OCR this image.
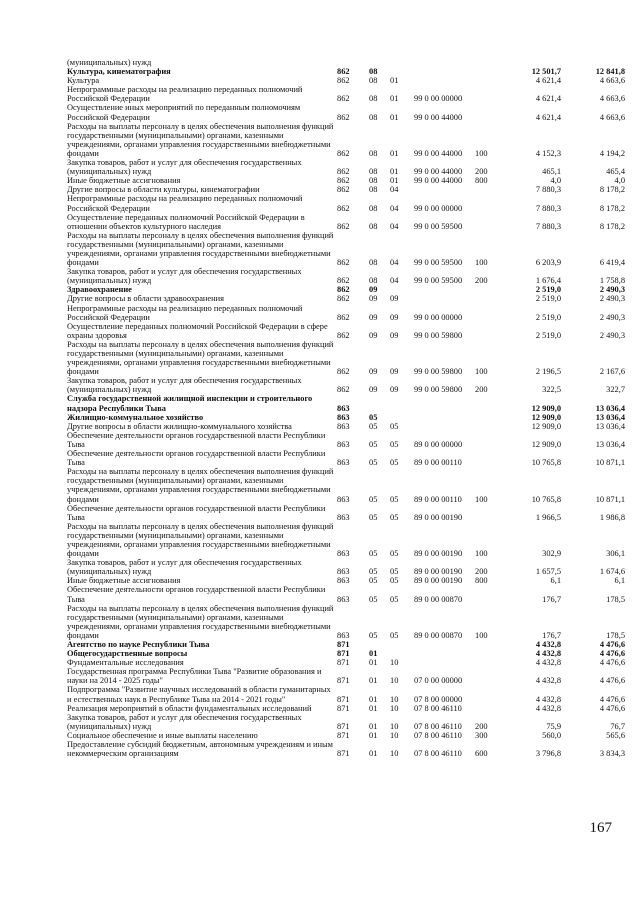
(муниципальных) нужд
Культура, кинематография	862	08	12 501,7	12 841,8
Культура	862	08	01	4 621,4	4 663,6
Непрограммные расходы на реализацию переданных полномочий Российской Федерации	862	08	01	99 0 00 00000	4 621,4	4 663,6
Осуществление иных мероприятий по переданным полномочиям Российской Федерации	862	08	01	99 0 00 44000	4 621,4	4 663,6
Расходы на выплаты персоналу в целях обеспечения выполнения функций государственными (муниципальными) органами, казенными учреждениями, органами управления государственными внебюджетными фондами	862	08	01	99 0 00 44000	100	4 152,3	4 194,2
Закупка товаров, работ и услуг для обеспечения государственных (муниципальных) нужд	862	08	01	99 0 00 44000	200	465,1	465,4
Иные бюджетные ассигнования	862	08	01	99 0 00 44000	800	4,0	4,0
Другие вопросы в области культуры, кинематографии	862	08	04	7 880,3	8 178,2
Непрограммные расходы на реализацию переданных полномочий Российской Федерации	862	08	04	99 0 00 00000	7 880,3	8 178,2
Осуществление переданных полномочий Российской Федерации в отношении объектов культурного наследия	862	08	04	99 0 00 59500	7 880,3	8 178,2
Расходы на выплаты персоналу в целях обеспечения выполнения функций государственными (муниципальными) органами, казенными учреждениями, органами управления государственными внебюджетными фондами	862	08	04	99 0 00 59500	100	6 203,9	6 419,4
Закупка товаров, работ и услуг для обеспечения государственных (муниципальных) нужд	862	08	04	99 0 00 59500	200	1 676,4	1 758,8
Здравоохранение	862	09	2 519,0	2 490,3
Другие вопросы в области здравоохранения	862	09	09	2 519,0	2 490,3
Непрограммные расходы на реализацию переданных полномочий Российской Федерации	862	09	09	99 0 00 00000	2 519,0	2 490,3
Осуществление переданных полномочий Российской Федерации в сфере охраны здоровья	862	09	09	99 0 00 59800	2 519,0	2 490,3
Расходы на выплаты персоналу в целях обеспечения выполнения функций государственными (муниципальными) органами, казенными учреждениями, органами управления государственными внебюджетными фондами	862	09	09	99 0 00 59800	100	2 196,5	2 167,6
Закупка товаров, работ и услуг для обеспечения государственных (муниципальных) нужд	862	09	09	99 0 00 59800	200	322,5	322,7
Служба государственной жилищной инспекции и строительного надзора Республики Тыва	863	12 909,0	13 036,4
Жилищно-коммунальное хозяйство	863	05	12 909,0	13 036,4
Другие вопросы в области жилищно-коммунального хозяйства	863	05	05	12 909,0	13 036,4
Обеспечение деятельности органов государственной власти Республики Тыва	863	05	05	89 0 00 00000	12 909,0	13 036,4
Обеспечение деятельности органов государственной власти Республики Тыва	863	05	05	89 0 00 00110	10 765,8	10 871,1
Расходы на выплаты персоналу в целях обеспечения выполнения функций государственными (муниципальными) органами, казенными учреждениями, органами управления государственными внебюджетными фондами	863	05	05	89 0 00 00110	100	10 765,8	10 871,1
Обеспечение деятельности органов государственной власти Республики Тыва	863	05	05	89 0 00 00190	1 966,5	1 986,8
Расходы на выплаты персоналу в целях обеспечения выполнения функций государственными (муниципальными) органами, казенными учреждениями, органами управления государственными внебюджетными фондами	863	05	05	89 0 00 00190	100	302,9	306,1
Закупка товаров, работ и услуг для обеспечения государственных (муниципальных) нужд	863	05	05	89 0 00 00190	200	1 657,5	1 674,6
Иные бюджетные ассигнования	863	05	05	89 0 00 00190	800	6,1	6,1
Обеспечение деятельности органов государственной власти Республики Тыва	863	05	05	89 0 00 00870	176,7	178,5
Расходы на выплаты персоналу в целях обеспечения выполнения функций государственными (муниципальными) органами, казенными учреждениями, органами управления государственными внебюджетными фондами	863	05	05	89 0 00 00870	100	176,7	178,5
Агентство по науке Республики Тыва	871	4 432,8	4 476,6
Общегосударственные вопросы	871	01	4 432,8	4 476,6
Фундаментальные исследования	871	01	10	4 432,8	4 476,6
Государственная программа Республики Тыва "Развитие образования и науки на 2014 - 2025 годы"	871	01	10	07 0 00 00000	4 432,8	4 476,6
Подпрограмма "Развитие научных исследований в области гуманитарных и естественных наук в Республике Тыва на 2014 - 2021 годы"	871	01	10	07 8 00 00000	4 432,8	4 476,6
Реализация мероприятий в области фундаментальных исследований	871	01	10	07 8 00 46110	4 432,8	4 476,6
Закупка товаров, работ и услуг для обеспечения государственных (муниципальных) нужд	871	01	10	07 8 00 46110	200	75,9	76,7
Социальное обеспечение и иные выплаты населению	871	01	10	07 8 00 46110	300	560,0	565,6
Предоставление субсидий бюджетным, автономным учреждениям и иным некоммерческим организациям	871	01	10	07 8 00 46110	600	3 796,8	3 834,3
167
